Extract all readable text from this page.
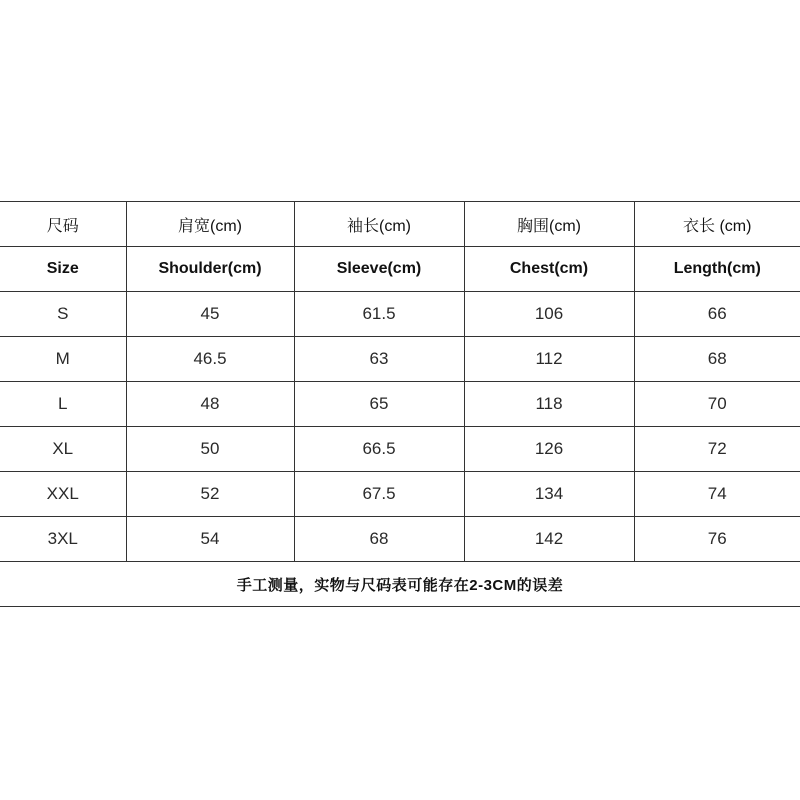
尺码	肩宽(cm)	袖长(cm)	胸围(cm)	衣长 (cm)
Size	Shoulder(cm)	Sleeve(cm)	Chest(cm)	Length(cm)
S	45	61.5	106	66
M	46.5	63	112	68
L	48	65	118	70
XL	50	66.5	126	72
XXL	52	67.5	134	74
3XL	54	68	142	76
手工测量，实物与尺码表可能存在2-3CM的误差				
